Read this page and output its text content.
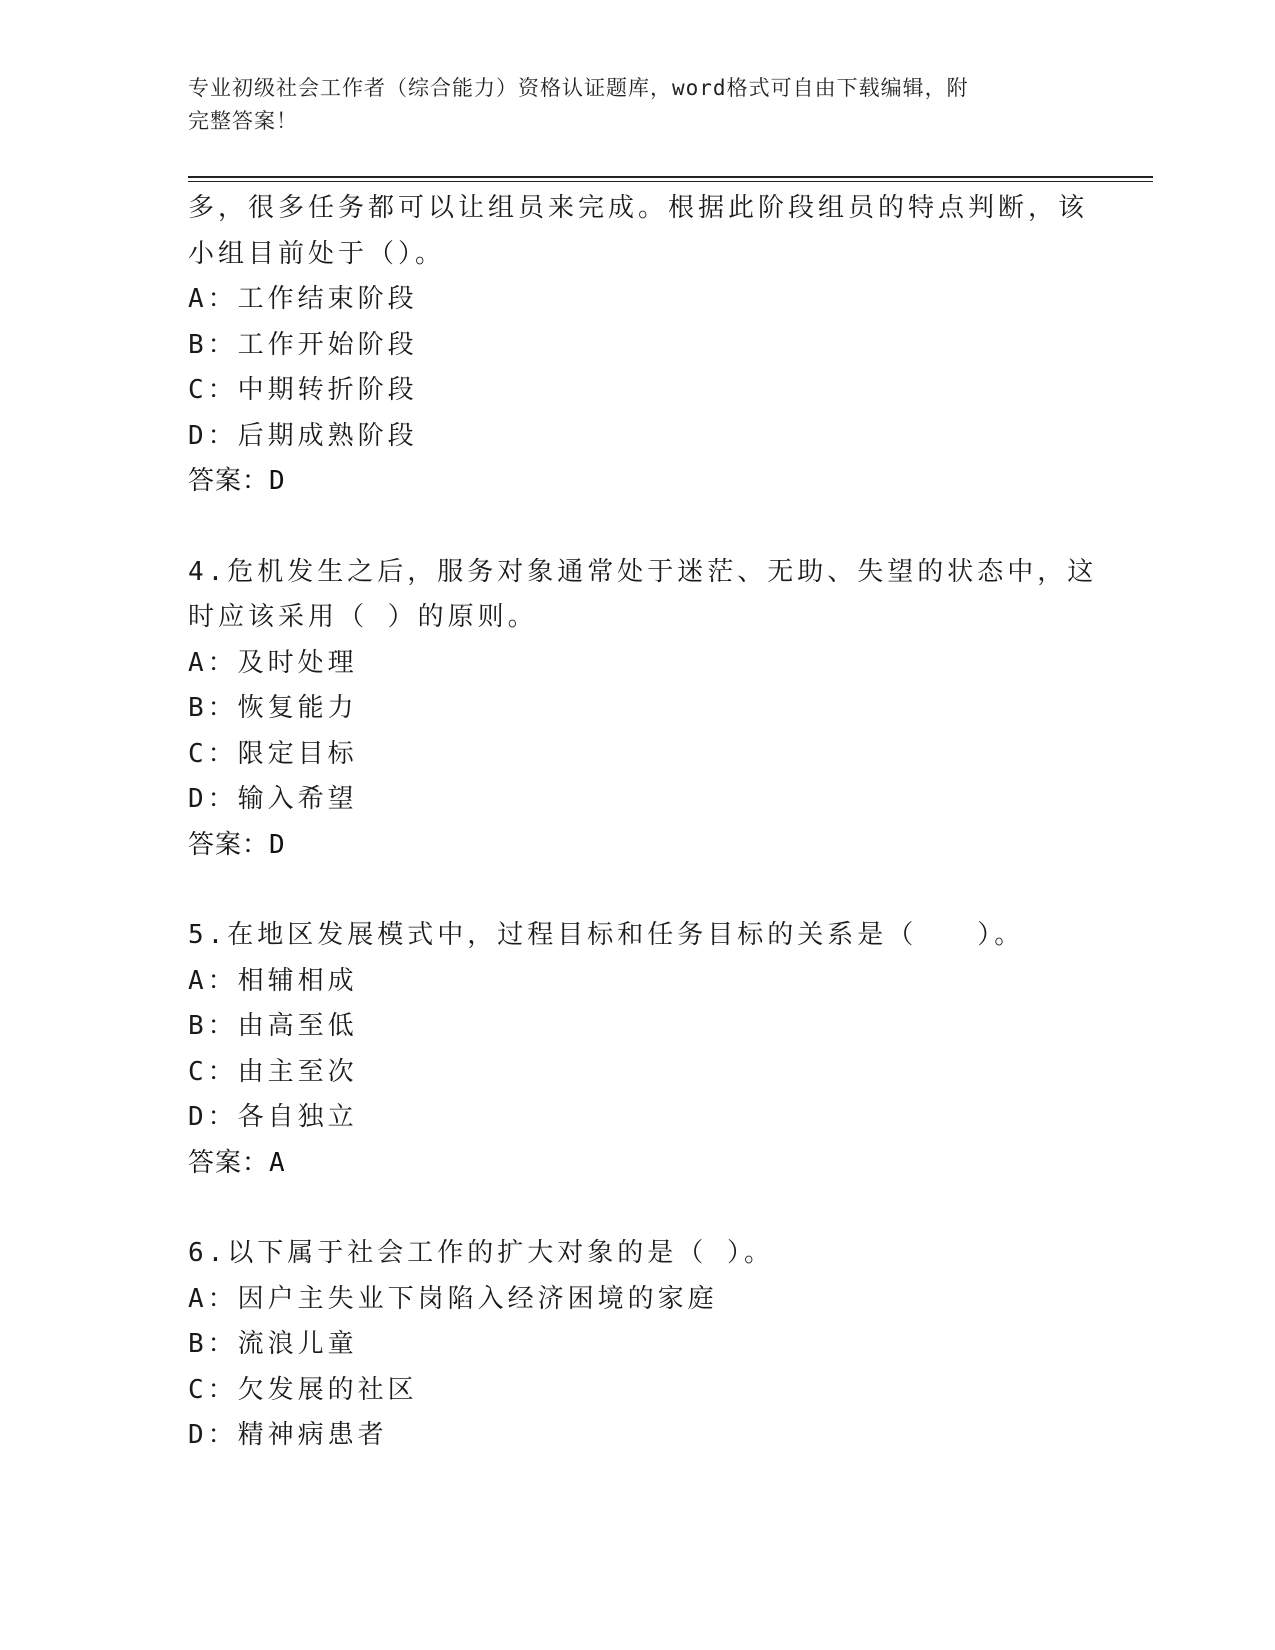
专业初级社会工作者（综合能力）资格认证题库，word格式可自由下载编辑，附
完整答案！
多，很多任务都可以让组员来完成。根据此阶段组员的特点判断，该
小组目前处于（）。
A：工作结束阶段
B：工作开始阶段
C：中期转折阶段
D：后期成熟阶段
答案：D
4.危机发生之后，服务对象通常处于迷茫、无助、失望的状态中，这
时应该采用（ ）的原则。
A：及时处理
B：恢复能力
C：限定目标
D：输入希望
答案：D
5.在地区发展模式中，过程目标和任务目标的关系是（　　）。
A：相辅相成
B：由高至低
C：由主至次
D：各自独立
答案：A
6.以下属于社会工作的扩大对象的是（ ）。
A：因户主失业下岗陷入经济困境的家庭
B：流浪儿童
C：欠发展的社区
D：精神病患者
